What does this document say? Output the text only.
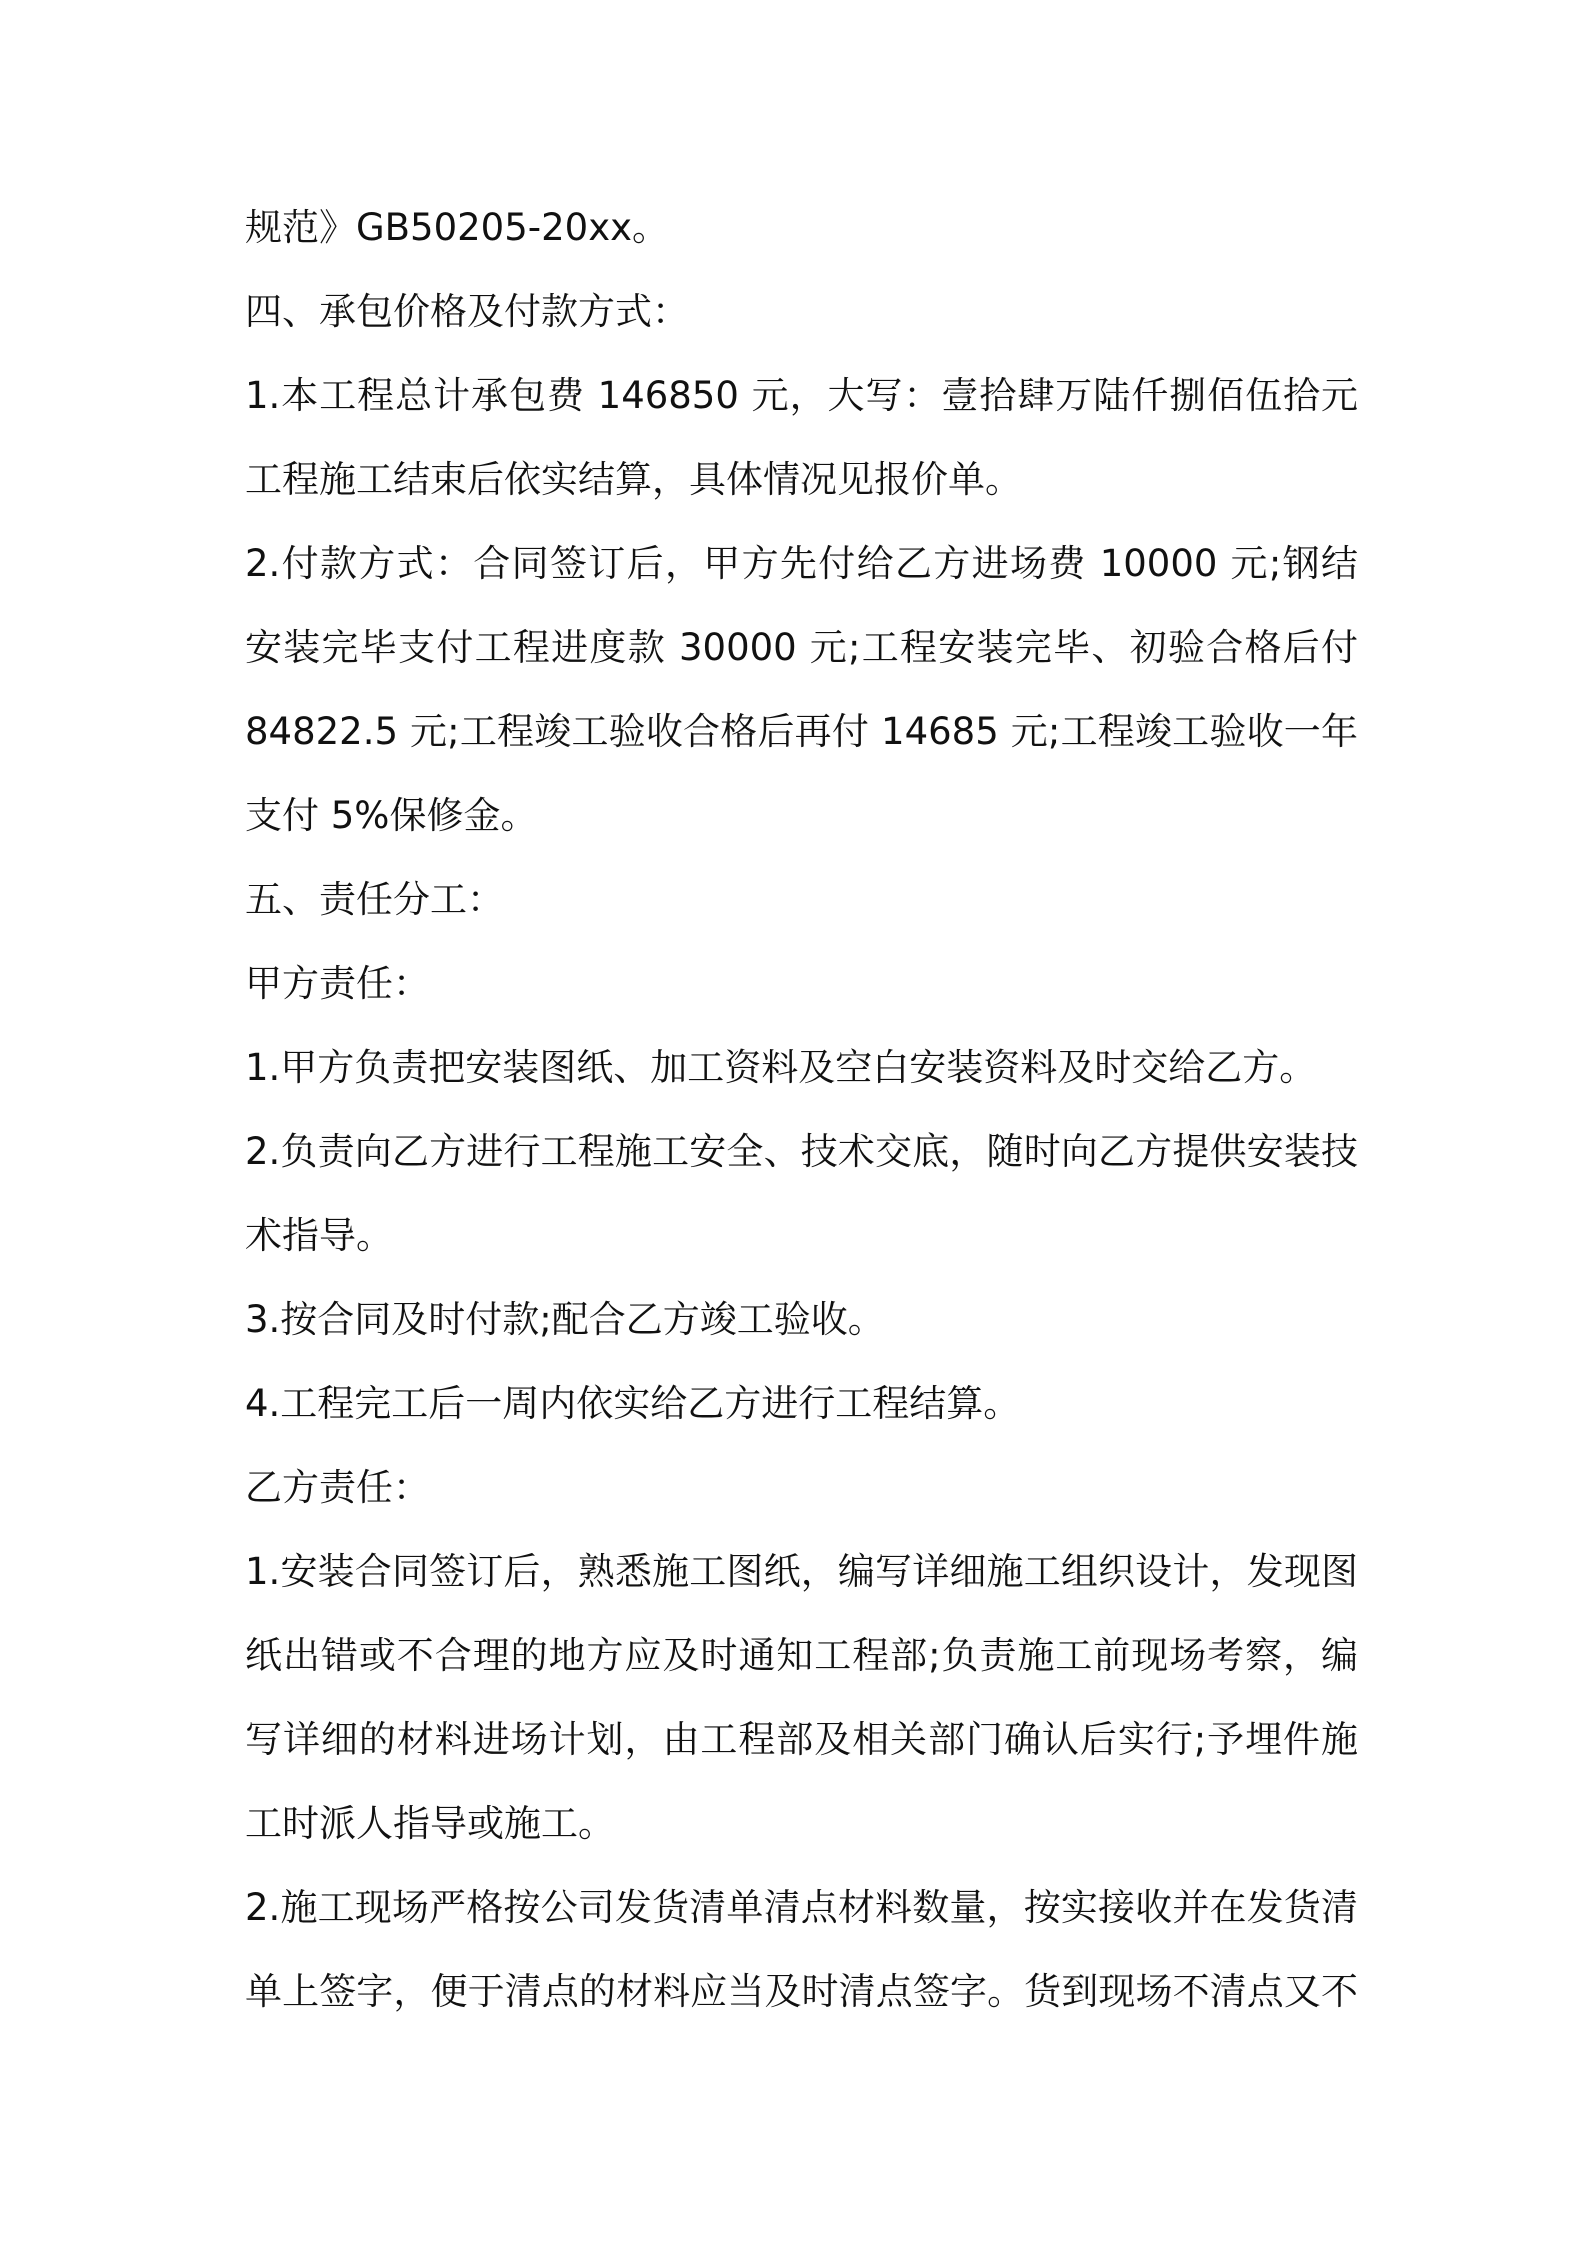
规范》GB50205-20xx。
四、承包价格及付款方式：
1.本工程总计承包费 146850 元，大写：壹拾肆万陆仟捌佰伍拾元
工程施工结束后依实结算，具体情况见报价单。
2.付款方式：合同签订后，甲方先付给乙方进场费 10000 元;钢结
安装完毕支付工程进度款 30000 元;工程安装完毕、初验合格后付
84822.5 元;工程竣工验收合格后再付 14685 元;工程竣工验收一年
支付 5%保修金。
五、责任分工：
甲方责任：
1.甲方负责把安装图纸、加工资料及空白安装资料及时交给乙方。
2.负责向乙方进行工程施工安全、技术交底，随时向乙方提供安装技
术指导。
3.按合同及时付款;配合乙方竣工验收。
4.工程完工后一周内依实给乙方进行工程结算。
乙方责任：
1.安装合同签订后，熟悉施工图纸，编写详细施工组织设计，发现图
纸出错或不合理的地方应及时通知工程部;负责施工前现场考察，编
写详细的材料进场计划，由工程部及相关部门确认后实行;予埋件施
工时派人指导或施工。
2.施工现场严格按公司发货清单清点材料数量，按实接收并在发货清
单上签字，便于清点的材料应当及时清点签字。货到现场不清点又不
